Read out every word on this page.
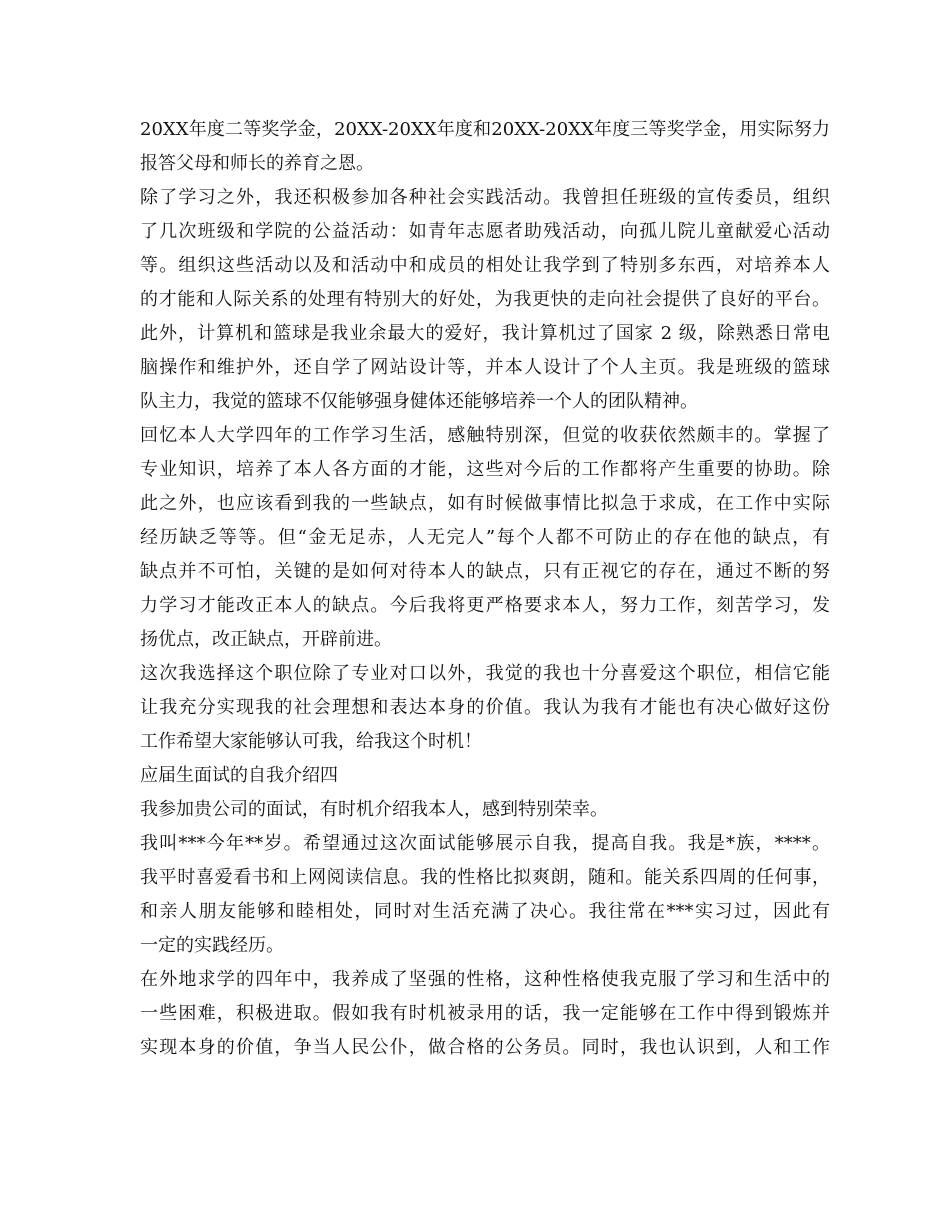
20XX年度二等奖学金，20XX-20XX年度和20XX-20XX年度三等奖学金，用实际努力
报答父母和师长的养育之恩。
除了学习之外，我还积极参加各种社会实践活动。我曾担任班级的宣传委员，组织
了几次班级和学院的公益活动：如青年志愿者助残活动，向孤儿院儿童献爱心活动
等。组织这些活动以及和活动中和成员的相处让我学到了特别多东西，对培养本人
的才能和人际关系的处理有特别大的好处，为我更快的走向社会提供了良好的平台。
此外，计算机和篮球是我业余最大的爱好，我计算机过了国家 2 级，除熟悉日常电
脑操作和维护外，还自学了网站设计等，并本人设计了个人主页。我是班级的篮球
队主力，我觉的篮球不仅能够强身健体还能够培养一个人的团队精神。
回忆本人大学四年的工作学习生活，感触特别深，但觉的收获依然颇丰的。掌握了
专业知识，培养了本人各方面的才能，这些对今后的工作都将产生重要的协助。除
此之外，也应该看到我的一些缺点，如有时候做事情比拟急于求成，在工作中实际
经历缺乏等等。但“金无足赤，人无完人”每个人都不可防止的存在他的缺点，有
缺点并不可怕，关键的是如何对待本人的缺点，只有正视它的存在，通过不断的努
力学习才能改正本人的缺点。今后我将更严格要求本人，努力工作，刻苦学习，发
扬优点，改正缺点，开辟前进。
这次我选择这个职位除了专业对口以外，我觉的我也十分喜爱这个职位，相信它能
让我充分实现我的社会理想和表达本身的价值。我认为我有才能也有决心做好这份
工作希望大家能够认可我，给我这个时机！
应届生面试的自我介绍四
我参加贵公司的面试，有时机介绍我本人，感到特别荣幸。
我叫***今年**岁。希望通过这次面试能够展示自我，提高自我。我是*族，****。
我平时喜爱看书和上网阅读信息。我的性格比拟爽朗，随和。能关系四周的任何事，
和亲人朋友能够和睦相处，同时对生活充满了决心。我往常在***实习过，因此有
一定的实践经历。
在外地求学的四年中，我养成了坚强的性格，这种性格使我克服了学习和生活中的
一些困难，积极进取。假如我有时机被录用的话，我一定能够在工作中得到锻炼并
实现本身的价值，争当人民公仆，做合格的公务员。同时，我也认识到，人和工作
